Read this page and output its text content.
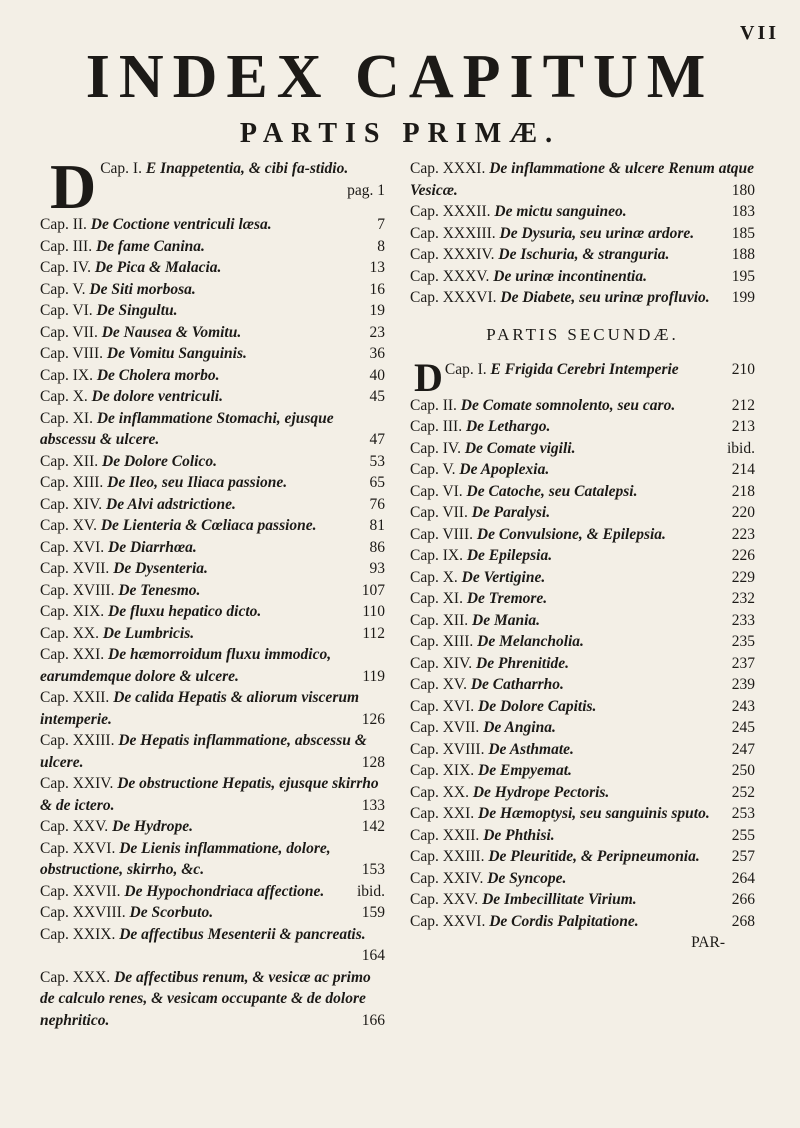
VII
INDEX CAPITUM
PARTIS PRIMÆ.

Cap. I.
D	E Inappetentia, & cibi fa-stidio.
pag. 1

Cap. II. De Coctione ventriculi læsa.	7

Cap. III. De fame Canina.	8

Cap. IV. De Pica & Malacia.	13

Cap. V. De Siti morbosa.	16

Cap. VI. De Singultu.	19

Cap. VII. De Nausea & Vomitu.	23

Cap. VIII. De Vomitu Sanguinis.	36

Cap. IX. De Cholera morbo.	40

Cap. X. De dolore ventriculi.	45

Cap. XI. De inflammatione Stomachi, ejusque abscessu & ulcere.	47

Cap. XII. De Dolore Colico.	53

Cap. XIII. De Ileo, seu Iliaca passione.	65

Cap. XIV. De Alvi adstrictione.	76

Cap. XV. De Lienteria & Cœliaca passione.	81

Cap. XVI. De Diarrhœa.	86

Cap. XVII. De Dysenteria.	93

Cap. XVIII. De Tenesmo.	107

Cap. XIX. De fluxu hepatico dicto.	110

Cap. XX. De Lumbricis.	112

Cap. XXI. De hæmorroidum fluxu immodico, earumdemque dolore & ulcere.	119

Cap. XXII. De calida Hepatis & aliorum viscerum intemperie.	126

Cap. XXIII. De Hepatis inflammatione, abscessu & ulcere.	128

Cap. XXIV. De obstructione Hepatis, ejusque skirrho & de ictero.	133

Cap. XXV. De Hydrope.	142

Cap. XXVI. De Lienis inflammatione, dolore, obstructione, skirrho, &c.	153

Cap. XXVII. De Hypochondriaca affectione. ibid.

Cap. XXVIII. De Scorbuto.	159

Cap. XXIX. De affectibus Mesenterii & pancreatis.
164

Cap. XXX. De affectibus renum, & vesicæ ac primo de calculo renes, & vesicam occupante & de dolore nephritico.	166

Cap. XXXI. De inflammatione & ulcere Renum atque Vesicæ.	180

Cap. XXXII. De mictu sanguineo.	183

Cap. XXXIII. De Dysuria, seu urinæ ardore. 185

Cap. XXXIV. De Ischuria, & stranguria.	188

Cap. XXXV. De urinæ incontinentia.	195

Cap. XXXVI. De Diabete, seu urinæ profluvio. 199

PARTIS SECUNDÆ.

Cap. I.
D	E Frigida Cerebri Intemperie	210

Cap. II. De Comate somnolento, seu carо.	212

Cap. III. De Lethargo.	213

Cap. IV. De Comate vigili.	ibid.

Cap. V. De Apoplexia.	214

Cap. VI. De Catoche, seu Catalepsi.	218

Cap. VII. De Paralysi.	220

Cap. VIII. De Convulsione, & Epilepsia.	223

Cap. IX. De Epilepsia.	226

Cap. X. De Vertigine.	229

Cap. XI. De Tremore.	232

Cap. XII. De Mania.	233

Cap. XIII. De Melancholia.	235

Cap. XIV. De Phrenitide.	237

Cap. XV. De Catharrho.	239

Cap. XVI. De Dolore Capitis.	243

Cap. XVII. De Angina.	245

Cap. XVIII. De Asthmate.	247

Cap. XIX. De Empyemat.	250

Cap. XX. De Hydrope Pectoris.	252

Cap. XXI. De Hæmoptysi, seu sanguinis sputo. 253

Cap. XXII. De Phthisi.	255

Cap. XXIII. De Pleuritide, & Peripneumonia. 257

Cap. XXIV. De Syncope.	264

Cap. XXV. De Imbecillitate Virium.	266

Cap. XXVI. De Cordis Palpitatione.	268

PAR-
